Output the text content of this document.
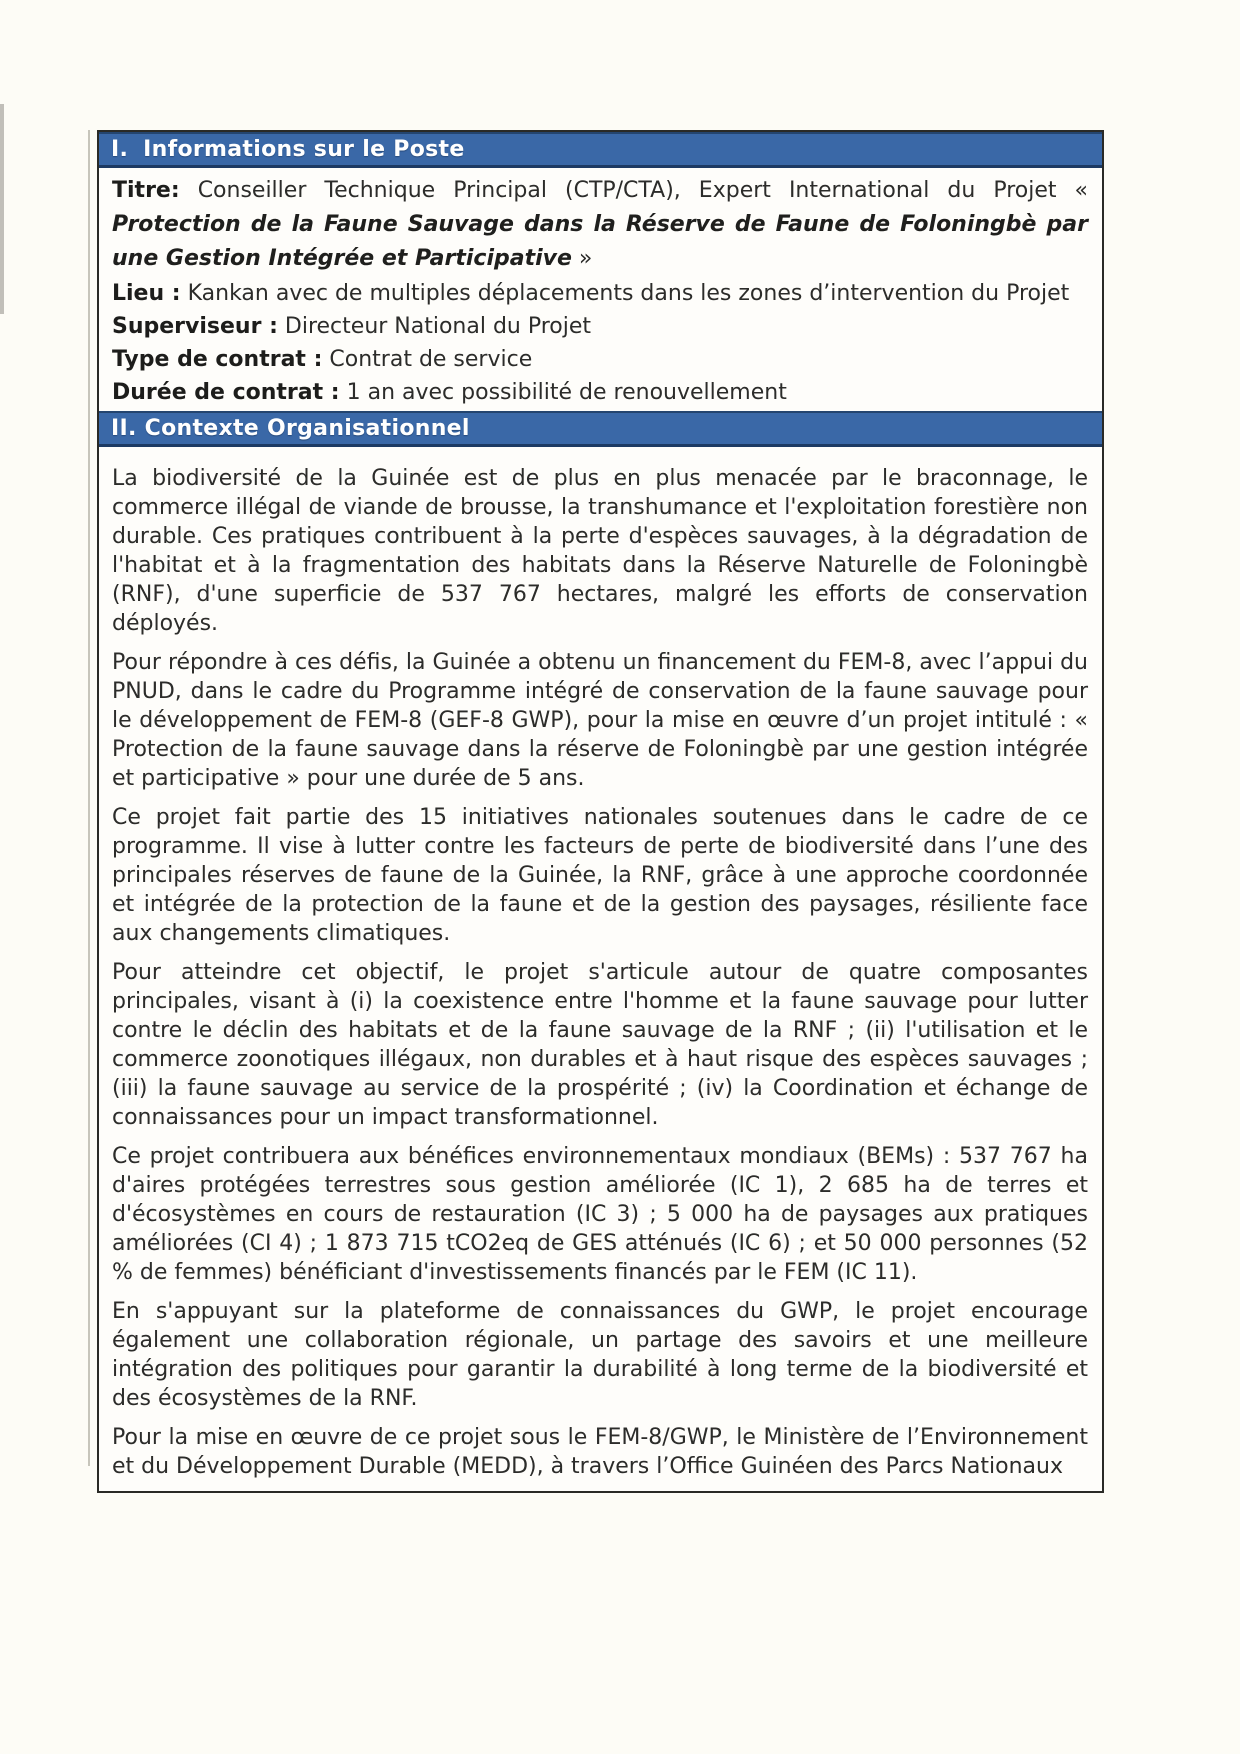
I. Informations sur le Poste
Titre: Conseiller Technique Principal (CTP/CTA), Expert International du Projet «
Protection de la Faune Sauvage dans la Réserve de Faune de Foloningbè par une Gestion Intégrée et Participative »

Lieu : Kankan avec de multiples déplacements dans les zones d’intervention du Projet

Superviseur : Directeur National du Projet

Type de contrat : Contrat de service

Durée de contrat : 1 an avec possibilité de renouvellement

II. Contexte Organisationnel

La biodiversité de la Guinée est de plus en plus menacée par le braconnage, le commerce illégal de viande de brousse, la transhumance et l'exploitation forestière non durable. Ces pratiques contribuent à la perte d'espèces sauvages, à la dégradation de l'habitat et à la fragmentation des habitats dans la Réserve Naturelle de Foloningbè (RNF), d'une superficie de 537 767 hectares, malgré les efforts de conservation déployés.

Pour répondre à ces défis, la Guinée a obtenu un financement du FEM-8, avec l’appui du PNUD, dans le cadre du Programme intégré de conservation de la faune sauvage pour le développement de FEM-8 (GEF-8 GWP), pour la mise en œuvre d’un projet intitulé : « Protection de la faune sauvage dans la réserve de Foloningbè par une gestion intégrée et participative » pour une durée de 5 ans.

Ce projet fait partie des 15 initiatives nationales soutenues dans le cadre de ce programme. Il vise à lutter contre les facteurs de perte de biodiversité dans l’une des principales réserves de faune de la Guinée, la RNF, grâce à une approche coordonnée et intégrée de la protection de la faune et de la gestion des paysages, résiliente face aux changements climatiques.

Pour atteindre cet objectif, le projet s'articule autour de quatre composantes principales, visant à (i) la coexistence entre l'homme et la faune sauvage pour lutter contre le déclin des habitats et de la faune sauvage de la RNF ; (ii) l'utilisation et le commerce zoonotiques illégaux, non durables et à haut risque des espèces sauvages ; (iii) la faune sauvage au service de la prospérité ; (iv) la Coordination et échange de connaissances pour un impact transformationnel.

Ce projet contribuera aux bénéfices environnementaux mondiaux (BEMs) : 537 767 ha d'aires protégées terrestres sous gestion améliorée (IC 1), 2 685 ha de terres et d'écosystèmes en cours de restauration (IC 3) ; 5 000 ha de paysages aux pratiques améliorées (CI 4) ; 1 873 715 tCO2eq de GES atténués (IC 6) ; et 50 000 personnes (52 % de femmes) bénéficiant d'investissements financés par le FEM (IC 11).

En s'appuyant sur la plateforme de connaissances du GWP, le projet encourage également une collaboration régionale, un partage des savoirs et une meilleure intégration des politiques pour garantir la durabilité à long terme de la biodiversité et des écosystèmes de la RNF.

Pour la mise en œuvre de ce projet sous le FEM-8/GWP, le Ministère de l’Environnement et du Développement Durable (MEDD), à travers l’Office Guinéen des Parcs Nationaux
